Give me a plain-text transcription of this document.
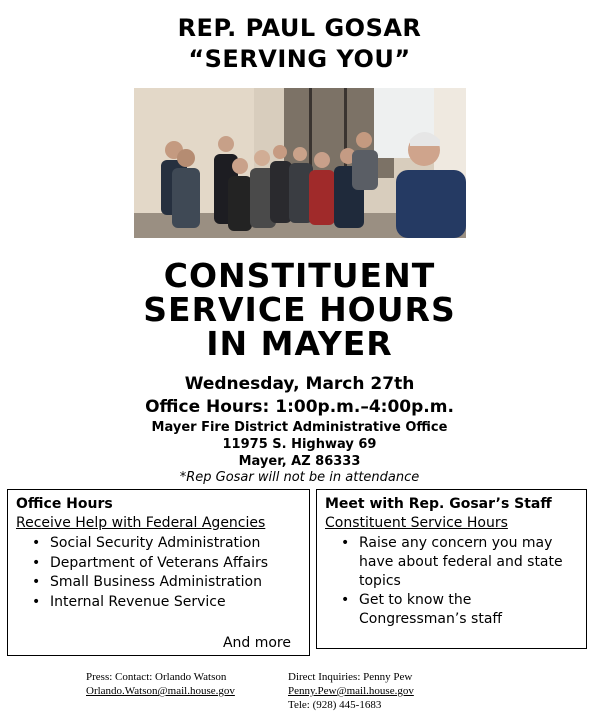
REP. PAUL GOSAR
“SERVING YOU”
CONSTITUENT
SERVICE HOURS
IN MAYER
Wednesday, March 27th
Office Hours: 1:00p.m.–4:00p.m.
Mayer Fire District Administrative Office
11975 S. Highway 69
Mayer, AZ 86333
*Rep Gosar will not be in attendance
Office Hours
Receive Help with Federal Agencies
• Social Security Administration
• Department of Veterans Affairs
• Small Business Administration
• Internal Revenue Service
And more
Meet with Rep. Gosar’s Staff
Constituent Service Hours
• Raise any concern you may have about federal and state topics
• Get to know the Congressman’s staff
Press: Contact: Orlando Watson
Orlando.Watson@mail.house.gov
Direct Inquiries: Penny Pew
Penny.Pew@mail.house.gov
Tele: (928) 445-1683
